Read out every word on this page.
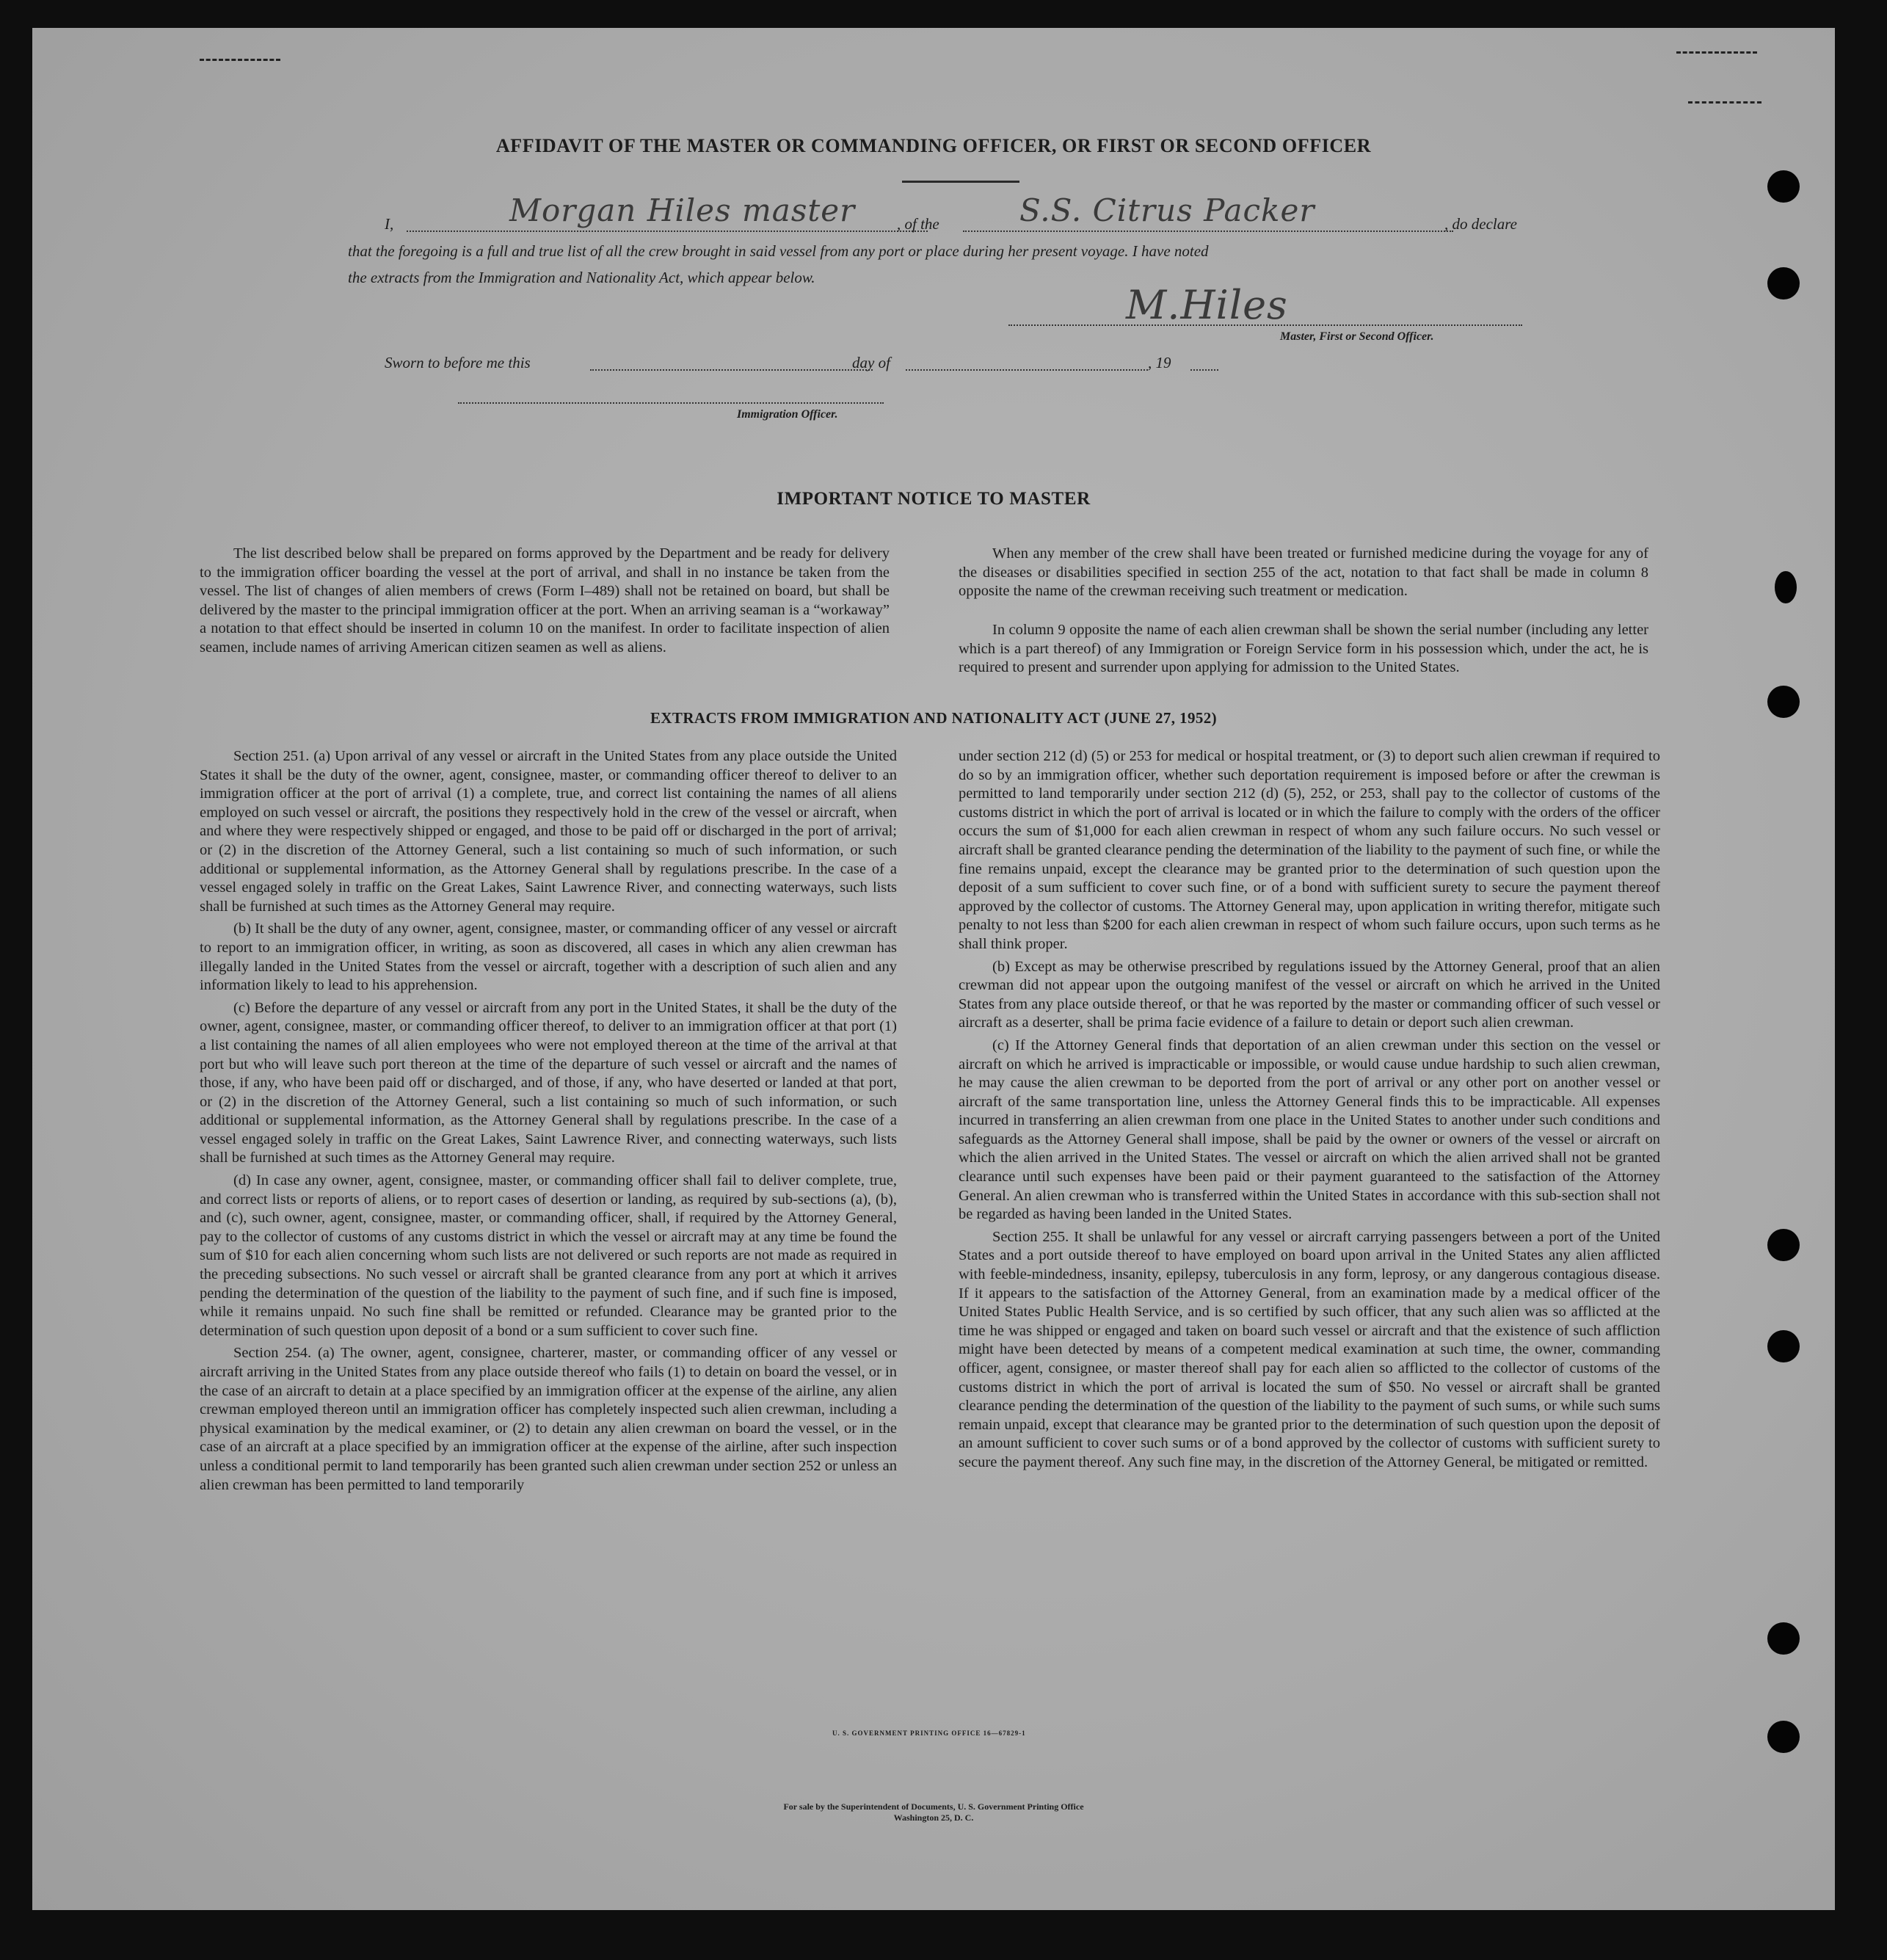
AFFIDAVIT OF THE MASTER OR COMMANDING OFFICER, OR FIRST OR SECOND OFFICER
I,	Morgan Hiles master	, of the	S.S. Citrus Packer	, do declare
that the foregoing is a full and true list of all the crew brought in said vessel from any port or place during her present voyage. I have noted
the extracts from the Immigration and Nationality Act, which appear below.
M.Hiles
Master, First or Second Officer.
Sworn to before me this	day of	, 19
Immigration Officer.
IMPORTANT NOTICE TO MASTER

The list described below shall be prepared on forms approved by the Department and be ready for delivery to the immigration officer boarding the vessel at the port of arrival, and shall in no instance be taken from the vessel. The list of changes of alien members of crews (Form I–489) shall not be retained on board, but shall be delivered by the master to the principal immigration officer at the port. When an arriving seaman is a “workaway” a notation to that effect should be inserted in column 10 on the manifest. In order to facilitate inspection of alien seamen, include names of arriving American citizen seamen as well as aliens.

When any member of the crew shall have been treated or furnished medicine during the voyage for any of the diseases or disabilities specified in section 255 of the act, notation to that fact shall be made in column 8 opposite the name of the crewman receiving such treatment or medication.

In column 9 opposite the name of each alien crewman shall be shown the serial number (including any letter which is a part thereof) of any Immigration or Foreign Service form in his possession which, under the act, he is required to present and surrender upon applying for admission to the United States.

EXTRACTS FROM IMMIGRATION AND NATIONALITY ACT (JUNE 27, 1952)

Section 251. (a) Upon arrival of any vessel or aircraft in the United States from any place outside the United States it shall be the duty of the owner, agent, consignee, master, or commanding officer thereof to deliver to an immigration officer at the port of arrival (1) a complete, true, and correct list containing the names of all aliens employed on such vessel or aircraft, the positions they respectively hold in the crew of the vessel or aircraft, when and where they were respectively shipped or engaged, and those to be paid off or discharged in the port of arrival; or (2) in the discretion of the Attorney General, such a list containing so much of such information, or such additional or supplemental information, as the Attorney General shall by regulations prescribe. In the case of a vessel engaged solely in traffic on the Great Lakes, Saint Lawrence River, and connecting waterways, such lists shall be furnished at such times as the Attorney General may require.

(b) It shall be the duty of any owner, agent, consignee, master, or commanding officer of any vessel or aircraft to report to an immigration officer, in writing, as soon as discovered, all cases in which any alien crewman has illegally landed in the United States from the vessel or aircraft, together with a description of such alien and any information likely to lead to his apprehension.

(c) Before the departure of any vessel or aircraft from any port in the United States, it shall be the duty of the owner, agent, consignee, master, or commanding officer thereof, to deliver to an immigration officer at that port (1) a list containing the names of all alien employees who were not employed thereon at the time of the arrival at that port but who will leave such port thereon at the time of the departure of such vessel or aircraft and the names of those, if any, who have been paid off or discharged, and of those, if any, who have deserted or landed at that port, or (2) in the discretion of the Attorney General, such a list containing so much of such information, or such additional or supplemental information, as the Attorney General shall by regulations prescribe. In the case of a vessel engaged solely in traffic on the Great Lakes, Saint Lawrence River, and connecting waterways, such lists shall be furnished at such times as the Attorney General may require.

(d) In case any owner, agent, consignee, master, or commanding officer shall fail to deliver complete, true, and correct lists or reports of aliens, or to report cases of desertion or landing, as required by sub-sections (a), (b), and (c), such owner, agent, consignee, master, or commanding officer, shall, if required by the Attorney General, pay to the collector of customs of any customs district in which the vessel or aircraft may at any time be found the sum of $10 for each alien concerning whom such lists are not delivered or such reports are not made as required in the preceding subsections. No such vessel or aircraft shall be granted clearance from any port at which it arrives pending the determination of the question of the liability to the payment of such fine, and if such fine is imposed, while it remains unpaid. No such fine shall be remitted or refunded. Clearance may be granted prior to the determination of such question upon deposit of a bond or a sum sufficient to cover such fine.

Section 254. (a) The owner, agent, consignee, charterer, master, or commanding officer of any vessel or aircraft arriving in the United States from any place outside thereof who fails (1) to detain on board the vessel, or in the case of an aircraft to detain at a place specified by an immigration officer at the expense of the airline, any alien crewman employed thereon until an immigration officer has completely inspected such alien crewman, including a physical examination by the medical examiner, or (2) to detain any alien crewman on board the vessel, or in the case of an aircraft at a place specified by an immigration officer at the expense of the airline, after such inspection unless a conditional permit to land temporarily has been granted such alien crewman under section 252 or unless an alien crewman has been permitted to land temporarily

under section 212 (d) (5) or 253 for medical or hospital treatment, or (3) to deport such alien crewman if required to do so by an immigration officer, whether such deportation requirement is imposed before or after the crewman is permitted to land temporarily under section 212 (d) (5), 252, or 253, shall pay to the collector of customs of the customs district in which the port of arrival is located or in which the failure to comply with the orders of the officer occurs the sum of $1,000 for each alien crewman in respect of whom any such failure occurs. No such vessel or aircraft shall be granted clearance pending the determination of the liability to the payment of such fine, or while the fine remains unpaid, except the clearance may be granted prior to the determination of such question upon the deposit of a sum sufficient to cover such fine, or of a bond with sufficient surety to secure the payment thereof approved by the collector of customs. The Attorney General may, upon application in writing therefor, mitigate such penalty to not less than $200 for each alien crewman in respect of whom such failure occurs, upon such terms as he shall think proper.

(b) Except as may be otherwise prescribed by regulations issued by the Attorney General, proof that an alien crewman did not appear upon the outgoing manifest of the vessel or aircraft on which he arrived in the United States from any place outside thereof, or that he was reported by the master or commanding officer of such vessel or aircraft as a deserter, shall be prima facie evidence of a failure to detain or deport such alien crewman.

(c) If the Attorney General finds that deportation of an alien crewman under this section on the vessel or aircraft on which he arrived is impracticable or impossible, or would cause undue hardship to such alien crewman, he may cause the alien crewman to be deported from the port of arrival or any other port on another vessel or aircraft of the same transportation line, unless the Attorney General finds this to be impracticable. All expenses incurred in transferring an alien crewman from one place in the United States to another under such conditions and safeguards as the Attorney General shall impose, shall be paid by the owner or owners of the vessel or aircraft on which the alien arrived in the United States. The vessel or aircraft on which the alien arrived shall not be granted clearance until such expenses have been paid or their payment guaranteed to the satisfaction of the Attorney General. An alien crewman who is transferred within the United States in accordance with this sub-section shall not be regarded as having been landed in the United States.

Section 255. It shall be unlawful for any vessel or aircraft carrying passengers between a port of the United States and a port outside thereof to have employed on board upon arrival in the United States any alien afflicted with feeble-mindedness, insanity, epilepsy, tuberculosis in any form, leprosy, or any dangerous contagious disease. If it appears to the satisfaction of the Attorney General, from an examination made by a medical officer of the United States Public Health Service, and is so certified by such officer, that any such alien was so afflicted at the time he was shipped or engaged and taken on board such vessel or aircraft and that the existence of such affliction might have been detected by means of a competent medical examination at such time, the owner, commanding officer, agent, consignee, or master thereof shall pay for each alien so afflicted to the collector of customs of the customs district in which the port of arrival is located the sum of $50. No vessel or aircraft shall be granted clearance pending the determination of the question of the liability to the payment of such sums, or while such sums remain unpaid, except that clearance may be granted prior to the determination of such question upon the deposit of an amount sufficient to cover such sums or of a bond approved by the collector of customs with sufficient surety to secure the payment thereof. Any such fine may, in the discretion of the Attorney General, be mitigated or remitted.

U. S. GOVERNMENT PRINTING OFFICE 16—67829-1
For sale by the Superintendent of Documents, U. S. Government Printing Office
Washington 25, D. C.
